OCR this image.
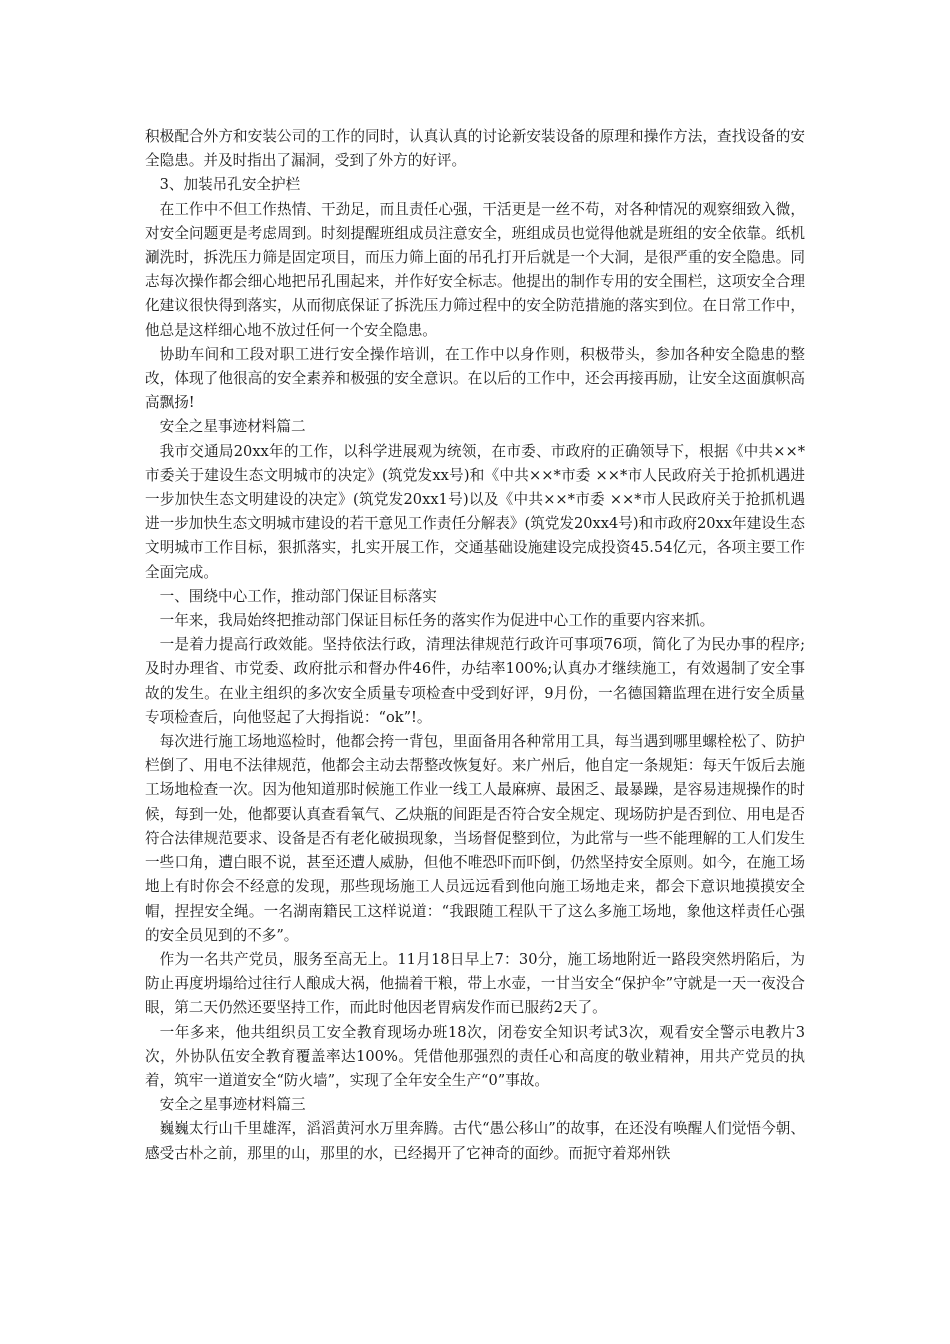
积极配合外方和安装公司的工作的同时，认真认真的讨论新安装设备的原理和操作方法，查找设备的安全隐患。并及时指出了漏洞，受到了外方的好评。

3、加装吊孔安全护栏

在工作中不但工作热情、干劲足，而且责任心强，干活更是一丝不苟，对各种情况的观察细致入微，对安全问题更是考虑周到。时刻提醒班组成员注意安全，班组成员也觉得他就是班组的安全依靠。纸机涮洗时，拆洗压力筛是固定项目，而压力筛上面的吊孔打开后就是一个大洞，是很严重的安全隐患。同志每次操作都会细心地把吊孔围起来，并作好安全标志。他提出的制作专用的安全围栏，这项安全合理化建议很快得到落实，从而彻底保证了拆洗压力筛过程中的安全防范措施的落实到位。在日常工作中，他总是这样细心地不放过任何一个安全隐患。

协助车间和工段对职工进行安全操作培训，在工作中以身作则，积极带头，参加各种安全隐患的整改，体现了他很高的安全素养和极强的安全意识。在以后的工作中，还会再接再励，让安全这面旗帜高高飘扬!

安全之星事迹材料篇二

我市交通局20xx年的工作，以科学进展观为统领，在市委、市政府的正确领导下，根据《中共××*市委关于建设生态文明城市的决定》(筑党发xx号)和《中共××*市委 ××*市人民政府关于抢抓机遇进一步加快生态文明建设的决定》(筑党发20xx1号)以及《中共××*市委 ××*市人民政府关于抢抓机遇进一步加快生态文明城市建设的若干意见工作责任分解表》(筑党发20xx4号)和市政府20xx年建设生态文明城市工作目标，狠抓落实，扎实开展工作，交通基础设施建设完成投资45.54亿元，各项主要工作全面完成。

一、围绕中心工作，推动部门保证目标落实

一年来，我局始终把推动部门保证目标任务的落实作为促进中心工作的重要内容来抓。

一是着力提高行政效能。坚持依法行政，清理法律规范行政许可事项76项，简化了为民办事的程序;及时办理省、市党委、政府批示和督办件46件，办结率100%;认真办才继续施工，有效遏制了安全事故的发生。在业主组织的多次安全质量专项检查中受到好评，9月份，一名德国籍监理在进行安全质量专项检查后，向他竖起了大拇指说：“ok”!。

每次进行施工场地巡检时，他都会挎一背包，里面备用各种常用工具，每当遇到哪里螺栓松了、防护栏倒了、用电不法律规范，他都会主动去帮整改恢复好。来广州后，他自定一条规矩：每天午饭后去施工场地检查一次。因为他知道那时候施工作业一线工人最麻痹、最困乏、最暴躁，是容易违规操作的时候，每到一处，他都要认真查看氧气、乙炔瓶的间距是否符合安全规定、现场防护是否到位、用电是否符合法律规范要求、设备是否有老化破损现象，当场督促整到位，为此常与一些不能理解的工人们发生一些口角，遭白眼不说，甚至还遭人威胁，但他不唯恐吓而吓倒，仍然坚持安全原则。如今，在施工场地上有时你会不经意的发现，那些现场施工人员远远看到他向施工场地走来，都会下意识地摸摸安全帽，捏捏安全绳。一名湖南籍民工这样说道：“我跟随工程队干了这么多施工场地，象他这样责任心强的安全员见到的不多”。

作为一名共产党员，服务至高无上。11月18日早上7：30分，施工场地附近一路段突然坍陷后，为防止再度坍塌给过往行人酿成大祸，他揣着干粮，带上水壶，一甘当安全“保护伞”守就是一天一夜没合眼，第二天仍然还要坚持工作，而此时他因老胃病发作而已服药2天了。

一年多来，他共组织员工安全教育现场办班18次，闭卷安全知识考试3次，观看安全警示电教片3次，外协队伍安全教育覆盖率达100%。凭借他那强烈的责任心和高度的敬业精神，用共产党员的执着，筑牢一道道安全“防火墙”，实现了全年安全生产“0”事故。

安全之星事迹材料篇三

巍巍太行山千里雄浑，滔滔黄河水万里奔腾。古代“愚公移山”的故事，在还没有唤醒人们觉悟今朝、感受古朴之前，那里的山，那里的水，已经揭开了它神奇的面纱。而扼守着郑州铁
